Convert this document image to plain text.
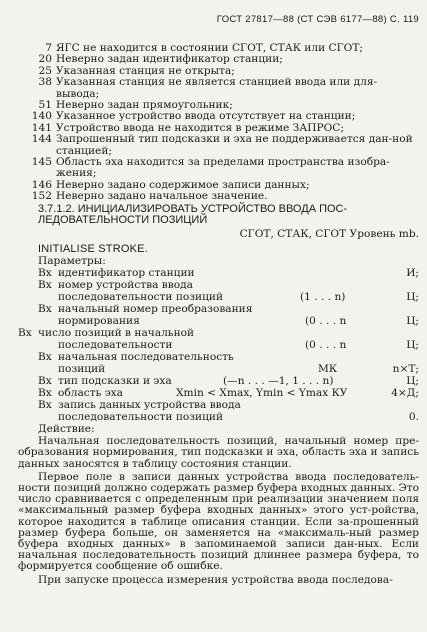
ГОСТ 27817—88 (СТ СЭВ 6177—88) С. 119
7 ЯГС не находится в состоянии СГОТ, СТАК или СГОТ;
20 Неверно задан идентификатор станции;
25 Указанная станция не открыта;
38 Указанная станция не является станцией ввода или для-вывода;
51 Неверно задан прямоугольник;
140 Указанное устройство ввода отсутствует на станции;
141 Устройство ввода не находится в режиме ЗАПРОС;
144 Запрошенный тип подсказки и эха не поддерживается дан-ной станцией;
145 Область эха находится за пределами пространства изобра-жения;
146 Неверно задано содержимое записи данных;
152 Неверно задано начальное значение.
3.7.1.2. ИНИЦИАЛИЗИРОВАТЬ УСТРОЙСТВО ВВОДА ПОС-
ЛЕДОВАТЕЛЬНОСТИ ПОЗИЦИЙ
СГОТ, СТАК, СГОТ Уровень mb.
INITIALISE STROKE.
Параметры:
Вх идентификатор станции	И;
Вх номер устройства ввода
последовательности позиций	(1 . . . n)	Ц;
Вх начальный номер преобразования
нормирования	(0 . . . n	Ц;
Вх число позиций в начальной
последовательности	(0 . . . n	Ц;
Вх начальная последовательность
позиций	МК	n×Т;
Вх тип подсказки и эха	(—n . . . —1, 1 . . . n)	Ц;
Вх область эха	Xmin < Xmax, Ymin < Ymax КУ	4×Д;
Вх запись данных устройства ввода
последовательности позиций	0.
Действие:

Начальная последовательность позиций, начальный номер пре-образования нормирования, тип подсказки и эха, область эха и запись данных заносятся в таблицу состояния станции.

Первое поле в записи данных устройства ввода последователь-ности позиций должно содержать размер буфера входных данных. Это число сравнивается с определенным при реализации значением поля «максимальный размер буфера входных данных» этого уст-ройства, которое находится в таблице описания станции. Если за-прошенный размер буфера больше, он заменяется на «максималь-ный размер буфера входных данных» в запоминаемой записи дан-ных. Если начальная последовательность позиций длиннее размера буфера, то формируется сообщение об ошибке.

При запуске процесса измерения устройства ввода последова-
